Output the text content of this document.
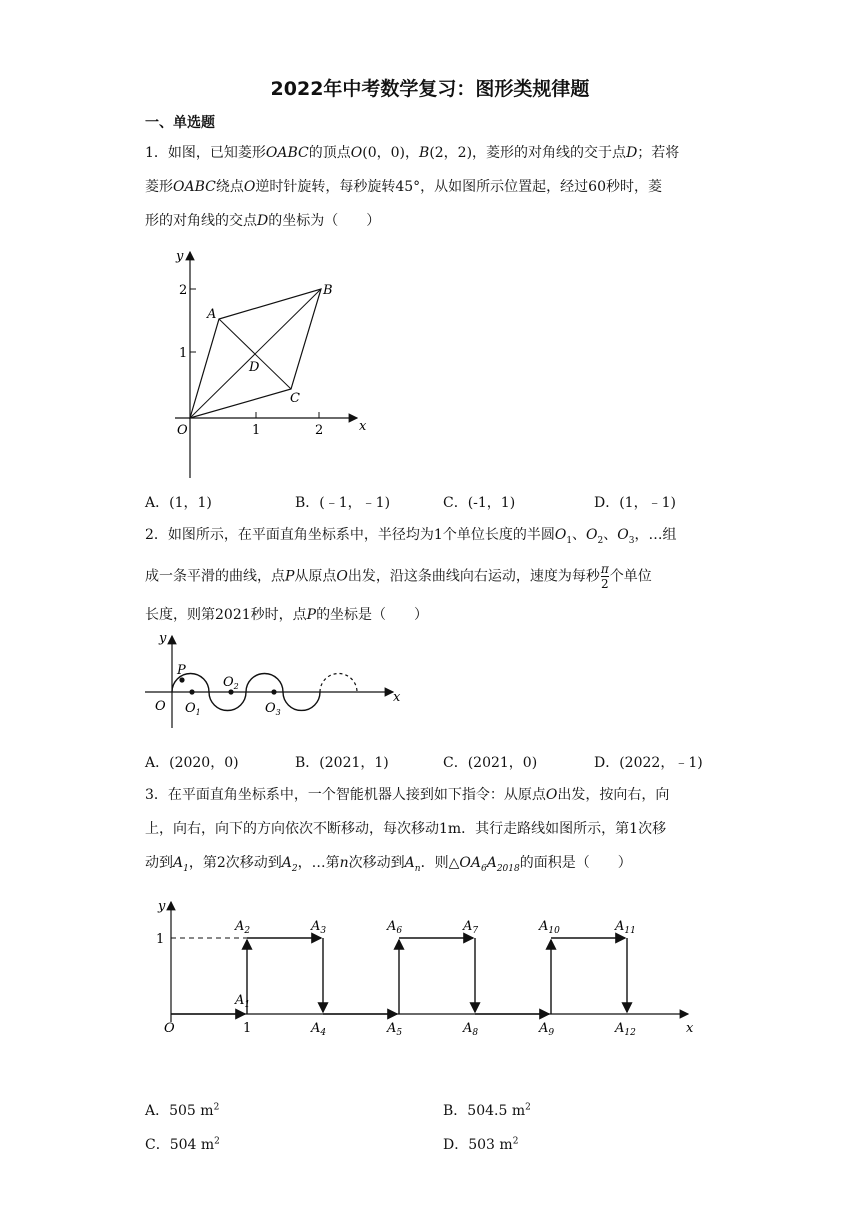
2022年中考数学复习：图形类规律题
一、单选题
1．如图，已知菱形OABC的顶点O(0，0)，B(2，2)，菱形的对角线的交于点D；若将
菱形OABC绕点O逆时针旋转，每秒旋转45°，从如图所示位置起，经过60秒时，菱
形的对角线的交点D的坐标为（　　）
y
x
O	1	2
1
2
A
B
C
D
A．(1，1)	B．(﹣1，﹣1)	C．(-1，1)	D．(1，﹣1)
2．如图所示，在平面直角坐标系中，半径均为1个单位长度的半圆$O_1$、$O_2$、$O_3$，…组
成一条平滑的曲线，点P从原点O出发，沿这条曲线向右运动，速度为每秒 $\frac{\pi}{2}$ 个单位
长度，则第2021秒时，点P的坐标是（　　）
y
x
O
P
$O_1$
$O_2$
$O_3$
A．(2020，0)	B．(2021，1)	C．(2021，0)	D．(2022，﹣1)
3．在平面直角坐标系中，一个智能机器人接到如下指令：从原点O出发，按向右，向
上，向右，向下的方向依次不断移动，每次移动1m．其行走路线如图所示，第1次移
动到$A_1$，第2次移动到$A_2$，…第n次移动到$A_n$．则$\triangle OA_6A_{2018}$的面积是（　　）
y
x
O
1
1
$A_1$
$A_2$	$A_3$
$A_4$	$A_5$
$A_6$	$A_7$
$A_8$	$A_9$
$A_{10}$	$A_{11}$
$A_{12}$
A．505 $m^2$	B．504.5 $m^2$
C．504 $m^2$	D．503 $m^2$
